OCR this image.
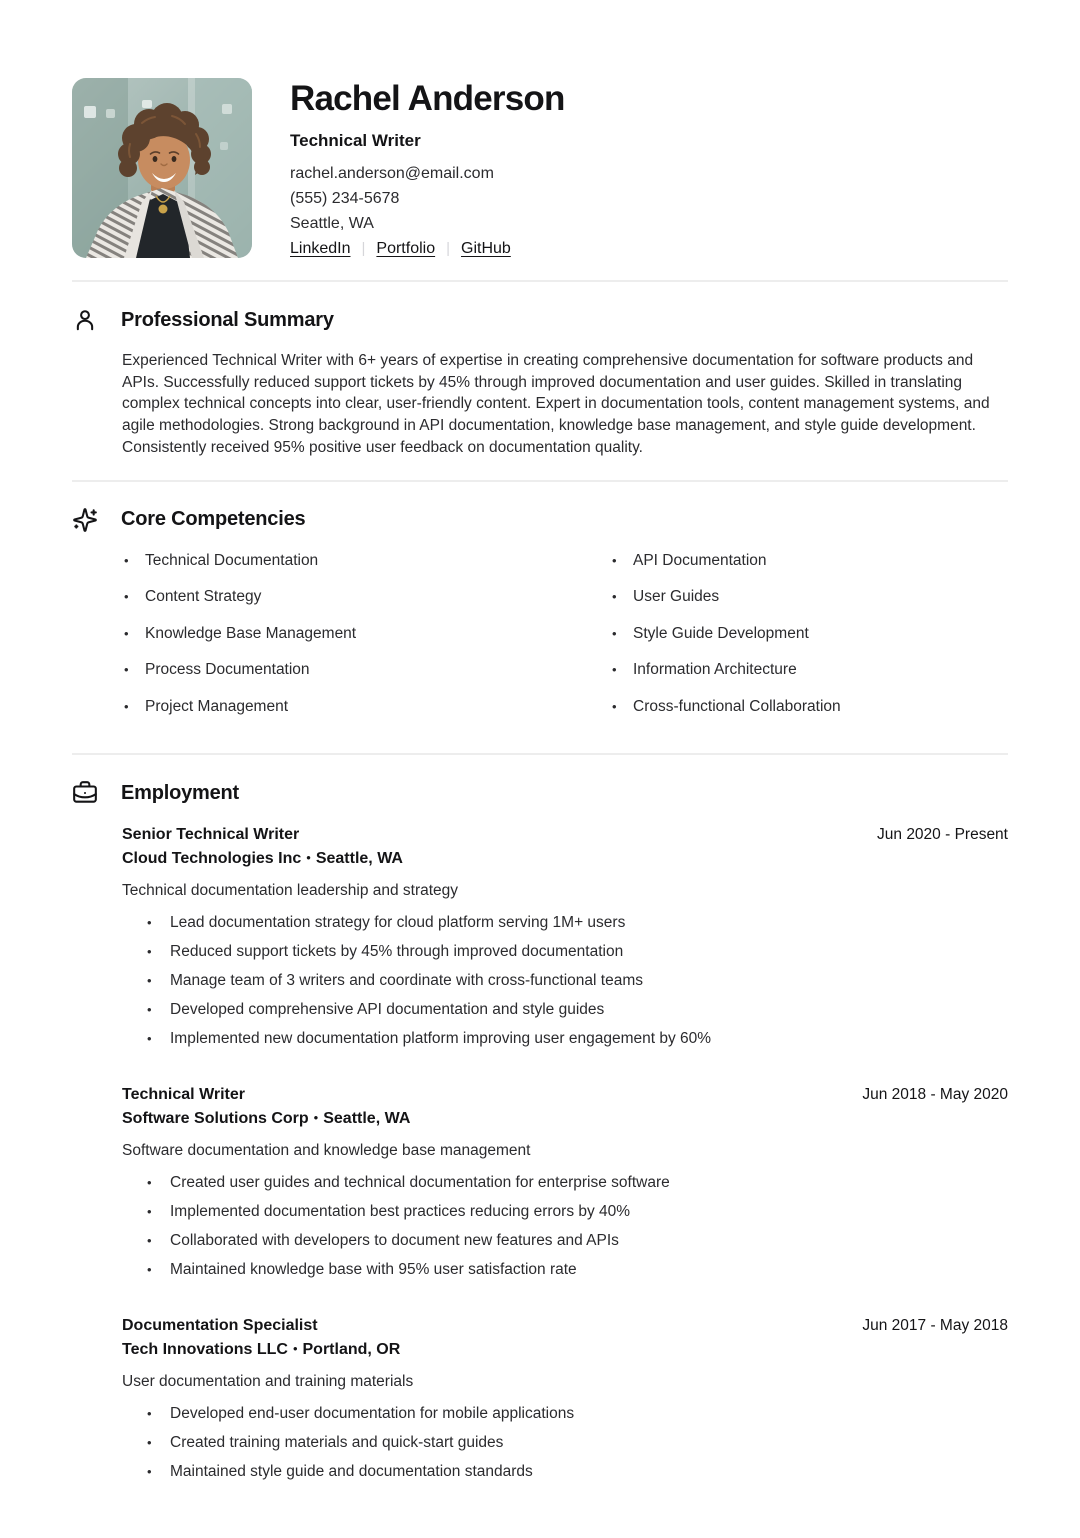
Rachel Anderson
Technical Writer
rachel.anderson@email.com
(555) 234-5678
Seattle, WA
LinkedIn | Portfolio | GitHub
Professional Summary

Experienced Technical Writer with 6+ years of expertise in creating comprehensive documentation for software products and APIs. Successfully reduced support tickets by 45% through improved documentation and user guides. Skilled in translating complex technical concepts into clear, user-friendly content. Expert in documentation tools, content management systems, and agile methodologies. Strong background in API documentation, knowledge base management, and style guide development. Consistently received 95% positive user feedback on documentation quality.

Core Competencies
• Technical Documentation
• Content Strategy
• Knowledge Base Management
• Process Documentation
• Project Management
• API Documentation
• User Guides
• Style Guide Development
• Information Architecture
• Cross-functional Collaboration
Employment
Senior Technical Writer	Jun 2020 - Present
Cloud Technologies Inc • Seattle, WA
Technical documentation leadership and strategy
• Lead documentation strategy for cloud platform serving 1M+ users
• Reduced support tickets by 45% through improved documentation
• Manage team of 3 writers and coordinate with cross-functional teams
• Developed comprehensive API documentation and style guides
• Implemented new documentation platform improving user engagement by 60%
Technical Writer	Jun 2018 - May 2020
Software Solutions Corp • Seattle, WA
Software documentation and knowledge base management
• Created user guides and technical documentation for enterprise software
• Implemented documentation best practices reducing errors by 40%
• Collaborated with developers to document new features and APIs
• Maintained knowledge base with 95% user satisfaction rate
Documentation Specialist	Jun 2017 - May 2018
Tech Innovations LLC • Portland, OR
User documentation and training materials
• Developed end-user documentation for mobile applications
• Created training materials and quick-start guides
• Maintained style guide and documentation standards
